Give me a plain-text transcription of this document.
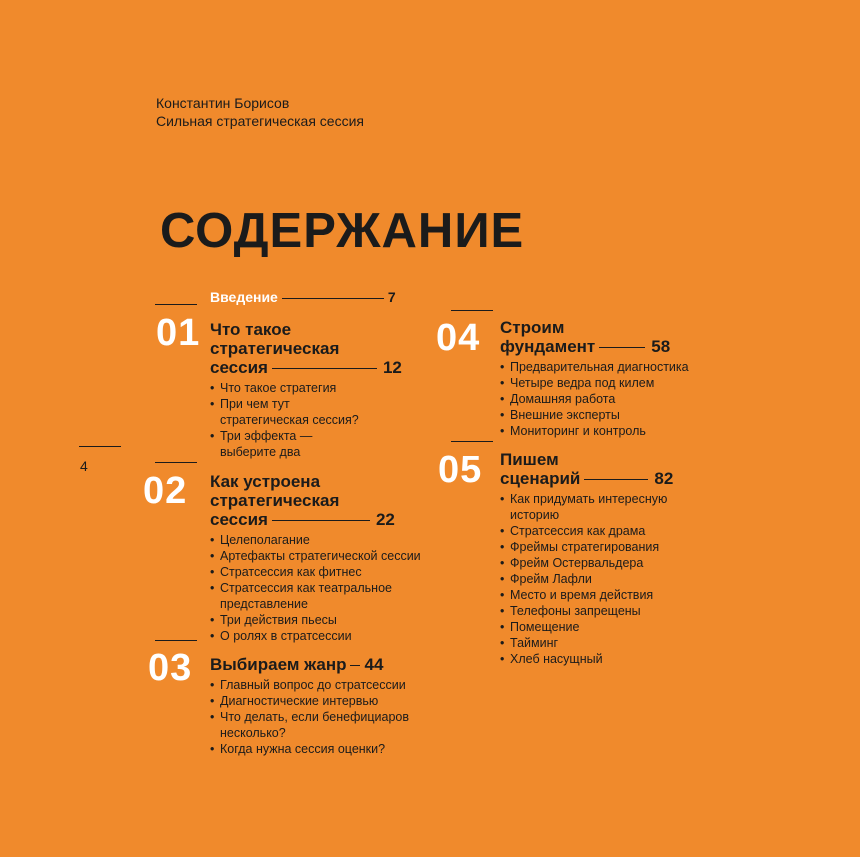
Константин Борисов
Сильная стратегическая сессия
СОДЕРЖАНИЕ
Введение	7
01 Что такое
стратегическая
сессия	12
• Что такое стратегия
• При чем тут
стратегическая сессия?
• Три эффекта —
выберите два
4
02 Как устроена
стратегическая
сессия	22
• Целеполагание
• Артефакты стратегической сессии
• Стратсессия как фитнес
• Стратсессия как театральное
представление
• Три действия пьесы
• О ролях в стратсессии
03 Выбираем жанр 44
• Главный вопрос до стратсессии
• Диагностические интервью
• Что делать, если бенефициаров
несколько?
• Когда нужна сессия оценки?
04 Строим
фундамент	58
• Предварительная диагностика
• Четыре ведра под килем
• Домашняя работа
• Внешние эксперты
• Мониторинг и контроль
05 Пишем
сценарий	82
• Как придумать интересную
историю
• Стратсессия как драма
• Фреймы стратегирования
• Фрейм Остервальдера
• Фрейм Лафли
• Место и время действия
• Телефоны запрещены
• Помещение
• Тайминг
• Хлеб насущный
